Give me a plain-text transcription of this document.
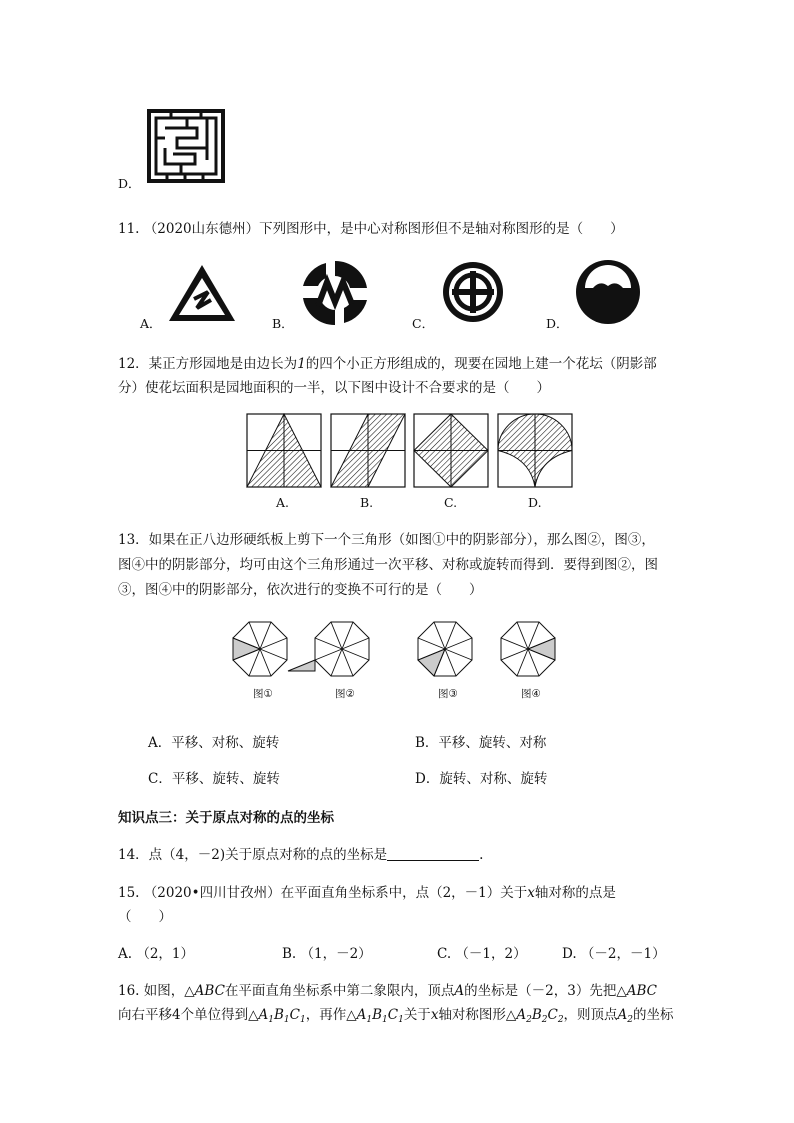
D．
11. （2020山东德州）下列图形中，是中心对称图形但不是轴对称图形的是（　　）
A．	B．	C．	D．
12．某正方形园地是由边长为1的四个小正方形组成的，现要在园地上建一个花坛（阴影部
分）使花坛面积是园地面积的一半，以下图中设计不合要求的是（　　）
A.	B.	C.	D.
13．如果在正八边形硬纸板上剪下一个三角形（如图①中的阴影部分），那么图②，图③，
图④中的阴影部分，均可由这个三角形通过一次平移、对称或旋转而得到．要得到图②，图
③，图④中的阴影部分，依次进行的变换不可行的是（　　）
图①	图②	图③	图④
A．平移、对称、旋转	B．平移、旋转、对称
C．平移、旋转、旋转	D．旋转、对称、旋转
知识点三：关于原点对称的点的坐标
14．点（4，－2)关于原点对称的点的坐标是	.
15. （2020•四川甘孜州）在平面直角坐标系中，点（2，－1）关于x轴对称的点是
（　　）
A. （2，1）	B. （1，－2）	C. （－1，2）	D. （－2，－1）
16. 如图，△ABC在平面直角坐标系中第二象限内，顶点A的坐标是（－2，3）先把△ABC
向右平移4个单位得到$\triangle A_1B_1C_1$，再作$\triangle A_1B_1C_1$关于x轴对称图形$\triangle A_2B_2C_2$，则顶点$A_2$的坐标
